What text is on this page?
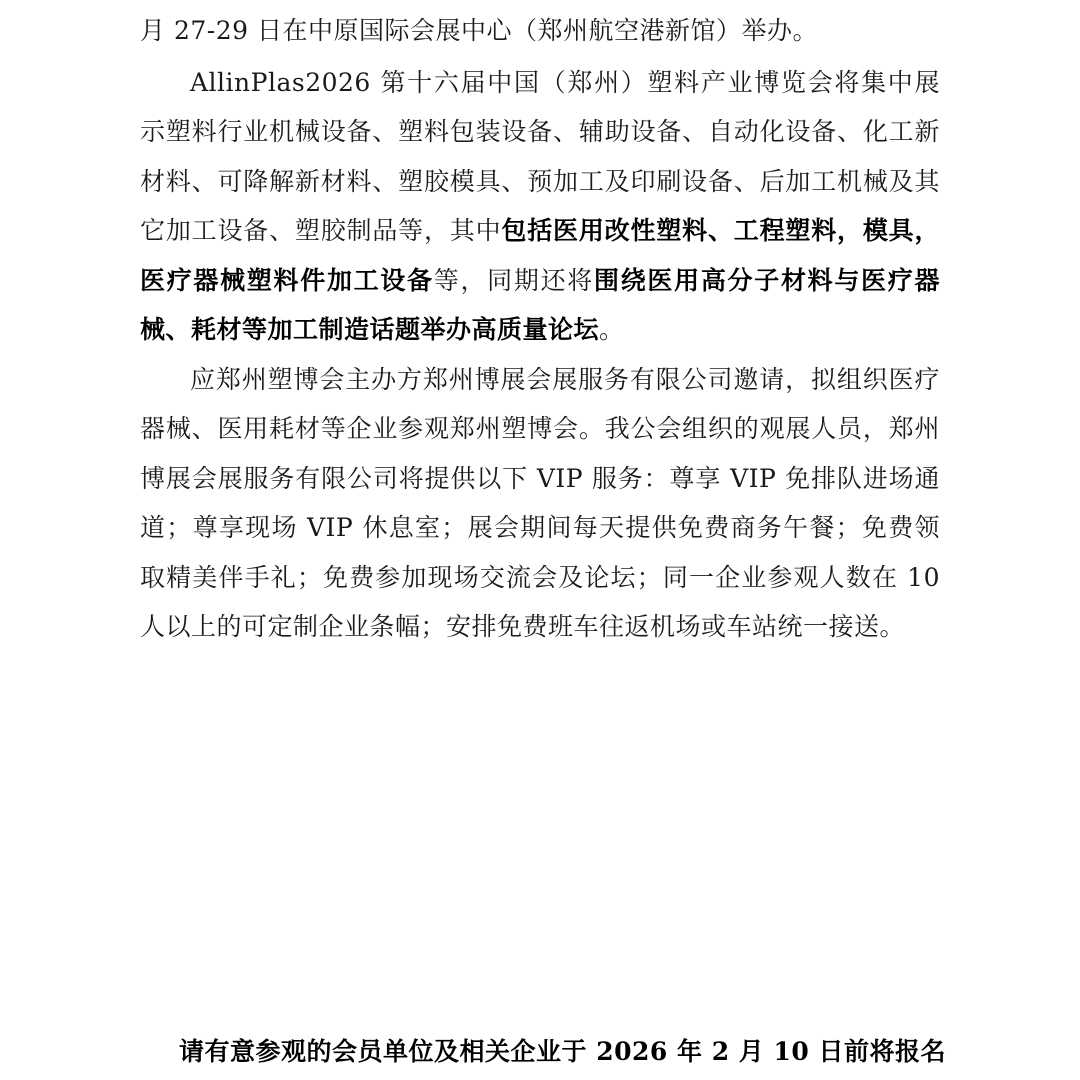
月 27-29 日在中原国际会展中心（郑州航空港新馆）举办。

AllinPlas2026 第十六届中国（郑州）塑料产业博览会将集中展示塑料行业机械设备、塑料包装设备、辅助设备、自动化设备、化工新材料、可降解新材料、塑胶模具、预加工及印刷设备、后加工机械及其它加工设备、塑胶制品等，其中包括医用改性塑料、工程塑料，模具，医疗器械塑料件加工设备等，同期还将围绕医用高分子材料与医疗器械、耗材等加工制造话题举办高质量论坛。

应郑州塑博会主办方郑州博展会展服务有限公司邀请，拟组织医疗器械、医用耗材等企业参观郑州塑博会。我公会组织的观展人员，郑州博展会展服务有限公司将提供以下 VIP 服务：尊享 VIP 免排队进场通道；尊享现场 VIP 休息室；展会期间每天提供免费商务午餐；免费领取精美伴手礼；免费参加现场交流会及论坛；同一企业参观人数在 10 人以上的可定制企业条幅；安排免费班车往返机场或车站统一接送。

请有意参观的会员单位及相关企业于 2026 年 2 月 10 日前将报名
